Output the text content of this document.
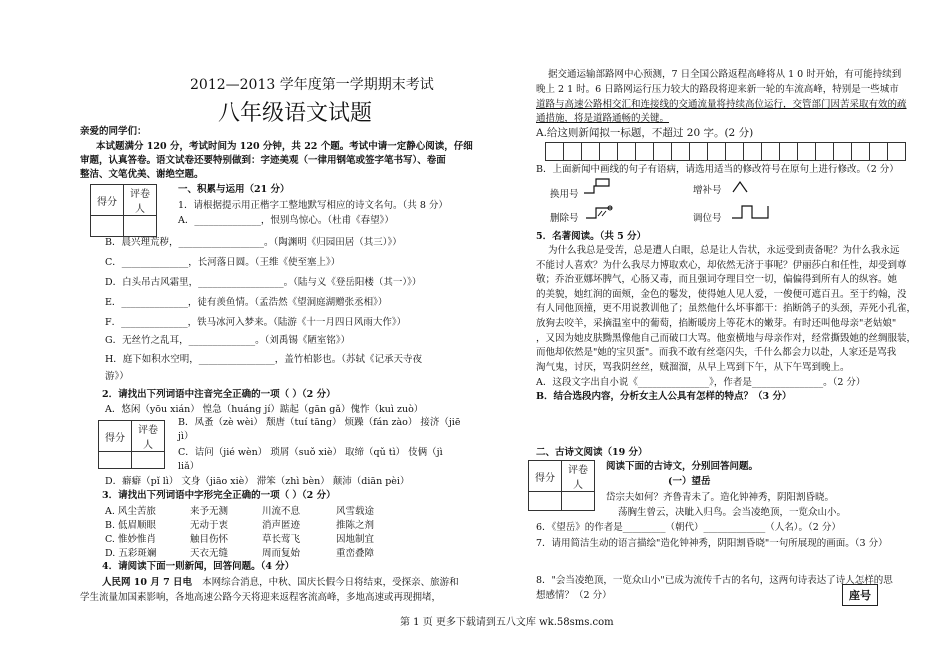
2012—2013 学年度第一学期期末考试
八年级语文试题
亲爱的同学们：
本试题满分 120 分，考试时间为 120 分钟，共 22 个题。考试中请一定静心阅读，仔细
审题，认真答卷。语文试卷还要特别做到：字迹美观（一律用钢笔或签字笔书写）、卷面
整洁、文笔优美、谢绝空题。
得分	评卷人

一、积累与运用（21 分）
1．请根据提示用正楷字工整地默写相应的诗文名句。（共 8 分）
A．______________，恨别鸟惊心。（杜甫《春望》）
B．晨兴理荒秽，__________________。（陶渊明《归园田居（其三）》）
C．______________，长河落日圆。（王维《使至塞上》）
D．白头吊古风霜里，__________________。（陆与义《登岳阳楼（其一）》）
E．______________，徒有羡鱼情。（孟浩然《望洞庭湖赠张丞相》）
F．______________，铁马冰河入梦来。（陆游《十一月四日风雨大作》）
G．无丝竹之乱耳，______________。（刘禹锡《陋室铭》）
H．庭下如积水空明，________________，盖竹柏影也。（苏轼《记承天寺夜
游》）
2．请找出下列词语中注音完全正确的一项（ ）（2 分）
A．悠闲（yōu xián） 惶急（huáng jí）踮起（gān gǎ）傀怍（kuì zuò）
得分	评卷人

B．凤蚤（zè wèi） 颓唐（tuí tāng） 烦躁（fán zào） 接济（jiē
jì）
C．诘问（jié wèn） 琐屑（suǒ xiè） 取缔（qǔ tì） 伎俩（jì
liǎ）
D．癖癖（pǐ lì） 文身（jiāo xiè） 滞笨（zhì bèn） 颠沛（diān pèi）
3．请找出下列词语中字形完全正确的一项（ ）（2 分）
A. 风尘苦旅	来予无测	川流不息	风雪载途
B. 低眉顺眼	无动于衷	消声匿迹	推陈之剂
C. 惟妙惟肖	触目伤怀	草长莺飞	因地制宜
D. 五彩斑斓	天衣无缝	周而复始	重峦叠障
4．请阅读下面一则新闻，回答问题。（4 分）
人民网 10 月 7 日电 本网综合消息，中秋、国庆长假今日将结束，受探亲、旅游和
学生流量加国素影响，各地高速公路今天将迎来返程客流高峰，多地高速或再现拥堵，
据交通运输部路网中心预测，7 日全国公路返程高峰将从 1 0 时开始，有可能持续到
晚上 2 1 时。6 日路网运行压力较大的路段将迎来新一轮的车流高峰，特别是一些城市
道路与高速公路相交汇和连接线的交通流量将持续高位运行，交管部门因苦采取有效的疏
通措施，将是道路通畅的关键。
A.给这则新闻拟一标题，不超过 20 字。(2 分)
B．上面新闻中画线的句子有语病，请选用适当的修改符号在原句上进行修改。（2 分）
换用号	增补号
删除号	调位号
5．名著阅读。（共 5 分）
为什么我总是受苦，总是遭人白眼，总是让人告状，永远受到责备呢？为什么我永远
不能讨人喜欢？为什么我尽力博取欢心，却依然无济于事呢？伊丽莎白和任性，却受到尊
敬；乔治亚娜坏脾气，心肠又毒，而且强词夺理目空一切，偏偏得到所有人的纵容。她
的美貌，她红润的面颊，金色的鬈发，使得她人见人爱，一俊便可遮百丑。至于约翰，没
有人同他顶撞，更不用说教训他了；虽然他什么坏事都干：掐断鸽子的头颈，弄死小孔雀，
放狗去咬羊，采摘温室中的葡萄，掐断暖房上等花木的嫩芽。有时还叫他母亲"老姑娘"
，又因为她皮肤黝黑像他自己而破口大骂。他蛮横地与母亲作对，经常撕毁她的丝绸服装，
而他却依然是"她的宝贝蛋"。而我不敢有丝毫闪失，千什么都会力以赴，人家还是骂我
淘气鬼，讨厌，骂我阴丝丝，贼溜溜，从早上骂到下午，从下午骂到晚上。
A．这段文字出自小说《_______________》，作者是_______________。（2 分）
B．结合选段内容，分析女主人公具有怎样的特点？（3 分）
二、古诗文阅读（19 分）
得分	评卷人

阅读下面的古诗文，分别回答问题。
(一）望岳
岱宗夫如何？齐鲁青未了。造化钟神秀，阴阳割昏晓。
荡胸生曾云，决眦入归鸟。会当凌绝顶，一览众山小。
6．《望岳》的作者是_________（朝代）_____________（人名）。（2 分）
7．请用简洁生动的语言描绘"造化钟神秀，阴阳割昏晓"一句所展现的画面。（3 分）
8．"会当凌绝顶，一览众山小"已成为流传千古的名句，这两句诗表达了诗人怎样的思
想感情？（2 分）	座号
第 1 页 更多下载请到五八文库 wk.58sms.com
